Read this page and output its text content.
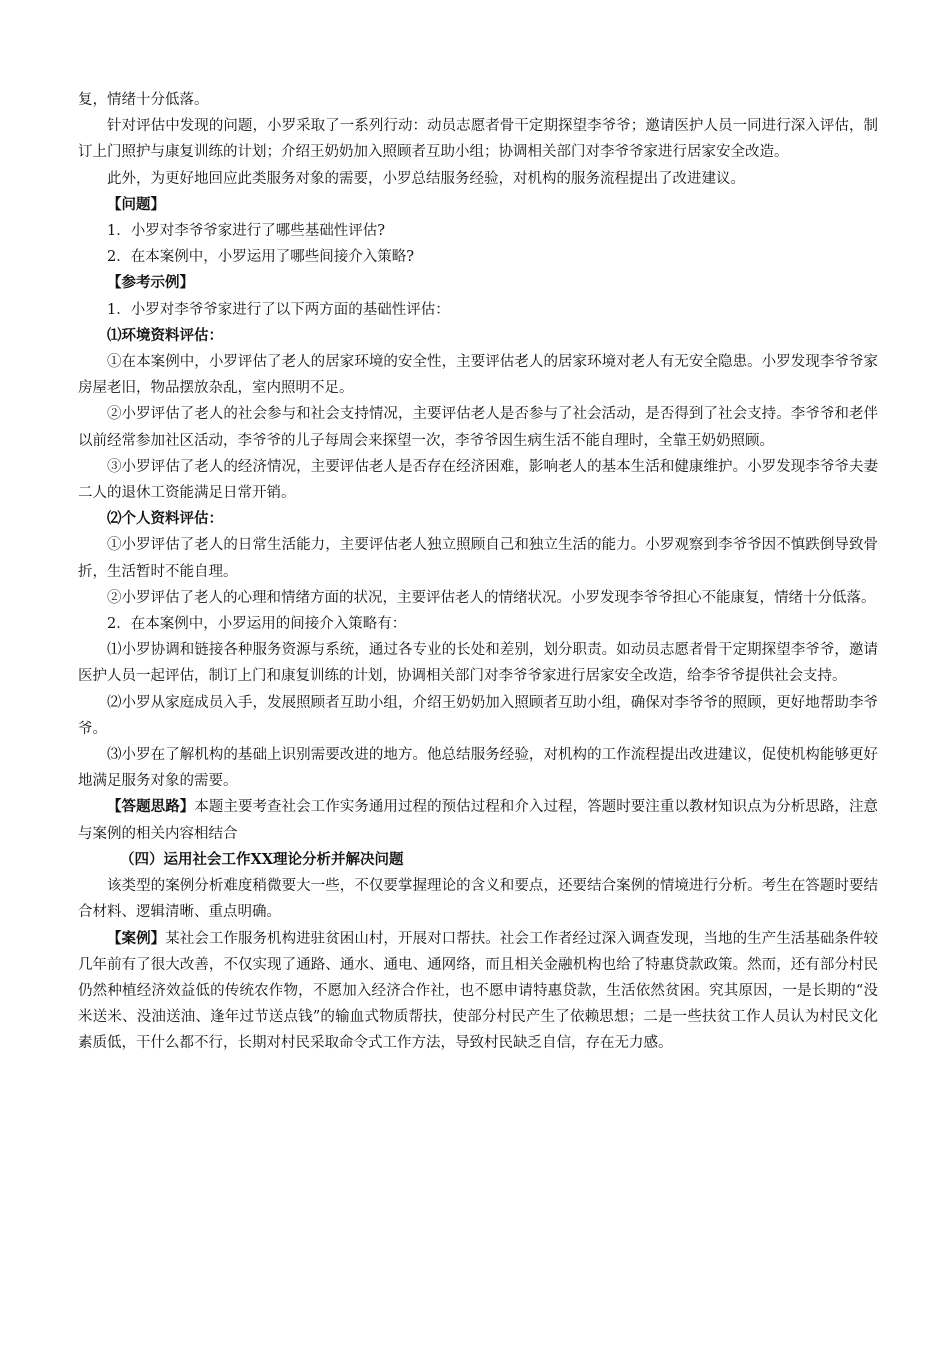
复，情绪十分低落。

针对评估中发现的问题，小罗采取了一系列行动：动员志愿者骨干定期探望李爷爷；邀请医护人员一同进行深入评估，制订上门照护与康复训练的计划；介绍王奶奶加入照顾者互助小组；协调相关部门对李爷爷家进行居家安全改造。

此外，为更好地回应此类服务对象的需要，小罗总结服务经验，对机构的服务流程提出了改进建议。

【问题】

1．小罗对李爷爷家进行了哪些基础性评估?

2．在本案例中，小罗运用了哪些间接介入策略?

【参考示例】

1．小罗对李爷爷家进行了以下两方面的基础性评估：

⑴环境资料评估：

①在本案例中，小罗评估了老人的居家环境的安全性，主要评估老人的居家环境对老人有无安全隐患。小罗发现李爷爷家房屋老旧，物品摆放杂乱，室内照明不足。

②小罗评估了老人的社会参与和社会支持情况，主要评估老人是否参与了社会活动，是否得到了社会支持。李爷爷和老伴以前经常参加社区活动，李爷爷的儿子每周会来探望一次，李爷爷因生病生活不能自理时，全靠王奶奶照顾。

③小罗评估了老人的经济情况，主要评估老人是否存在经济困难，影响老人的基本生活和健康维护。小罗发现李爷爷夫妻二人的退休工资能满足日常开销。

⑵个人资料评估：

①小罗评估了老人的日常生活能力，主要评估老人独立照顾自己和独立生活的能力。小罗观察到李爷爷因不慎跌倒导致骨折，生活暂时不能自理。

②小罗评估了老人的心理和情绪方面的状况，主要评估老人的情绪状况。小罗发现李爷爷担心不能康复，情绪十分低落。

2．在本案例中，小罗运用的间接介入策略有：

⑴小罗协调和链接各种服务资源与系统，通过各专业的长处和差别，划分职责。如动员志愿者骨干定期探望李爷爷，邀请医护人员一起评估，制订上门和康复训练的计划，协调相关部门对李爷爷家进行居家安全改造，给李爷爷提供社会支持。

⑵小罗从家庭成员入手，发展照顾者互助小组，介绍王奶奶加入照顾者互助小组，确保对李爷爷的照顾，更好地帮助李爷爷。

⑶小罗在了解机构的基础上识别需要改进的地方。他总结服务经验，对机构的工作流程提出改进建议，促使机构能够更好地满足服务对象的需要。

【答题思路】本题主要考查社会工作实务通用过程的预估过程和介入过程，答题时要注重以教材知识点为分析思路，注意与案例的相关内容相结合

（四）运用社会工作XX理论分析并解决问题

该类型的案例分析难度稍微要大一些，不仅要掌握理论的含义和要点，还要结合案例的情境进行分析。考生在答题时要结合材料、逻辑清晰、重点明确。

【案例】某社会工作服务机构进驻贫困山村，开展对口帮扶。社会工作者经过深入调查发现，当地的生产生活基础条件较几年前有了很大改善，不仅实现了通路、通水、通电、通网络，而且相关金融机构也给了特惠贷款政策。然而，还有部分村民仍然种植经济效益低的传统农作物，不愿加入经济合作社，也不愿申请特惠贷款，生活依然贫困。究其原因，一是长期的“没米送米、没油送油、逢年过节送点钱”的输血式物质帮扶，使部分村民产生了依赖思想；二是一些扶贫工作人员认为村民文化素质低，干什么都不行，长期对村民采取命令式工作方法，导致村民缺乏自信，存在无力感。
